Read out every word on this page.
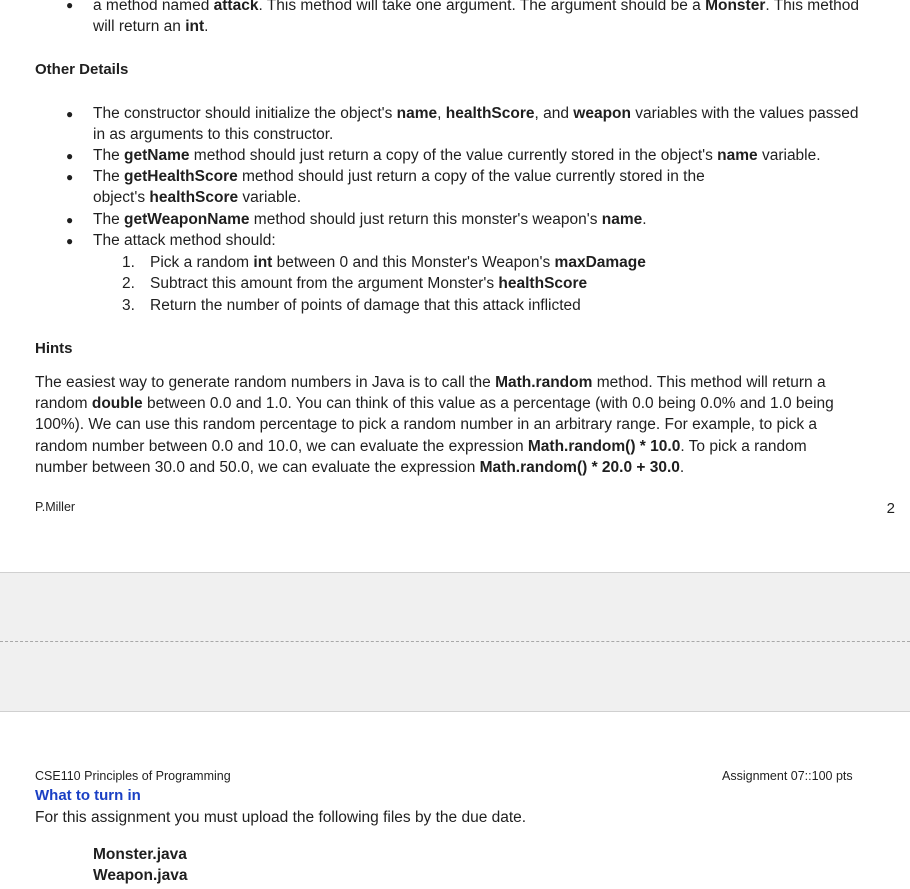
● a method named attack. This method will take one argument. The argument should be a Monster. This method
will return an int.
Other Details
● The constructor should initialize the object's name, healthScore, and weapon variables with the values passed
in as arguments to this constructor.
● The getName method should just return a copy of the value currently stored in the object's name variable.
● The getHealthScore method should just return a copy of the value currently stored in the
object's healthScore variable.
● The getWeaponName method should just return this monster's weapon's name.
● The attack method should:
1. Pick a random int between 0 and this Monster's Weapon's maxDamage
2. Subtract this amount from the argument Monster's healthScore
3. Return the number of points of damage that this attack inflicted
Hints
The easiest way to generate random numbers in Java is to call the Math.random method. This method will return a
random double between 0.0 and 1.0. You can think of this value as a percentage (with 0.0 being 0.0% and 1.0 being
100%). We can use this random percentage to pick a random number in an arbitrary range. For example, to pick a
random number between 0.0 and 10.0, we can evaluate the expression Math.random() * 10.0. To pick a random
number between 30.0 and 50.0, we can evaluate the expression Math.random() * 20.0 + 30.0.
P.Miller	2
CSE110 Principles of Programming	Assignment 07::100 pts
What to turn in
For this assignment you must upload the following files by the due date.
Monster.java
Weapon.java
